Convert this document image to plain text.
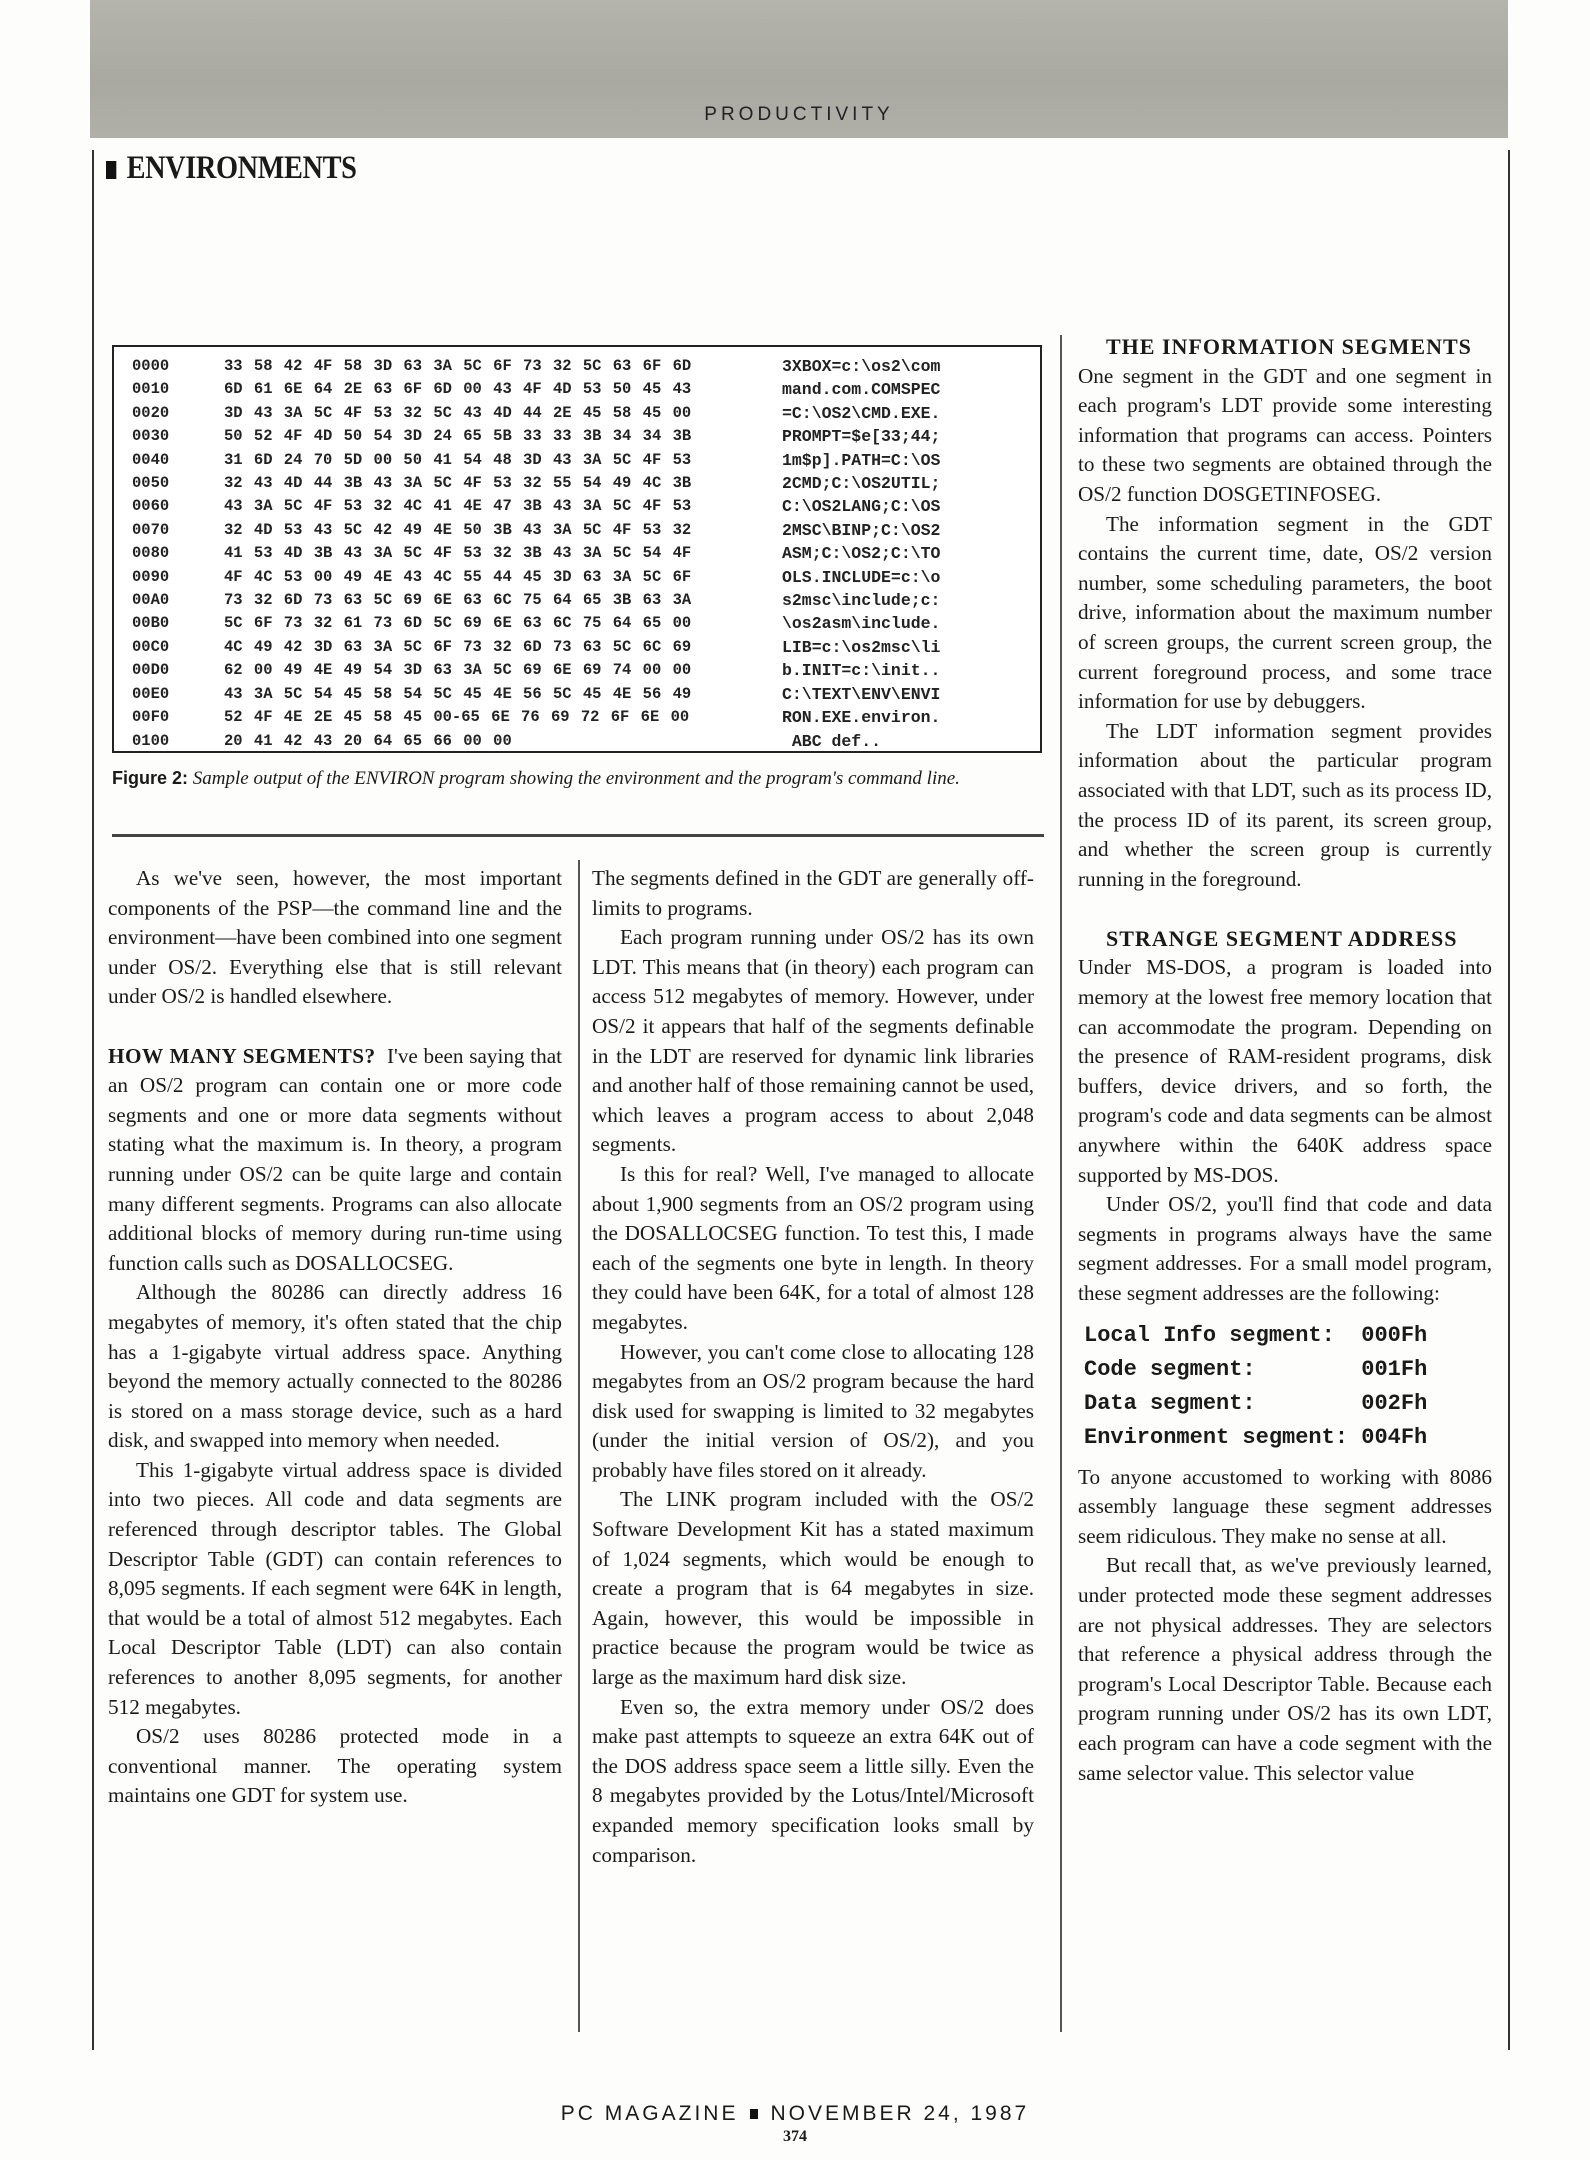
PRODUCTIVITY
ENVIRONMENTS
0000	33 58 42 4F 58 3D 63 3A 5C 6F 73 32 5C 63 6F 6D	3XBOX=c:\os2\com
0010	6D 61 6E 64 2E 63 6F 6D 00 43 4F 4D 53 50 45 43	mand.com.COMSPEC
0020	3D 43 3A 5C 4F 53 32 5C 43 4D 44 2E 45 58 45 00	=C:\OS2\CMD.EXE.
0030	50 52 4F 4D 50 54 3D 24 65 5B 33 33 3B 34 34 3B	PROMPT=$e[33;44;
0040	31 6D 24 70 5D 00 50 41 54 48 3D 43 3A 5C 4F 53	1m$p].PATH=C:\OS
0050	32 43 4D 44 3B 43 3A 5C 4F 53 32 55 54 49 4C 3B	2CMD;C:\OS2UTIL;
0060	43 3A 5C 4F 53 32 4C 41 4E 47 3B 43 3A 5C 4F 53	C:\OS2LANG;C:\OS
0070	32 4D 53 43 5C 42 49 4E 50 3B 43 3A 5C 4F 53 32	2MSC\BINP;C:\OS2
0080	41 53 4D 3B 43 3A 5C 4F 53 32 3B 43 3A 5C 54 4F	ASM;C:\OS2;C:\TO
0090	4F 4C 53 00 49 4E 43 4C 55 44 45 3D 63 3A 5C 6F	OLS.INCLUDE=c:\o
00A0	73 32 6D 73 63 5C 69 6E 63 6C 75 64 65 3B 63 3A	s2msc\include;c:
00B0	5C 6F 73 32 61 73 6D 5C 69 6E 63 6C 75 64 65 00	\os2asm\include.
00C0	4C 49 42 3D 63 3A 5C 6F 73 32 6D 73 63 5C 6C 69	LIB=c:\os2msc\li
00D0	62 00 49 4E 49 54 3D 63 3A 5C 69 6E 69 74 00 00	b.INIT=c:\init..
00E0	43 3A 5C 54 45 58 54 5C 45 4E 56 5C 45 4E 56 49	C:\TEXT\ENV\ENVI
00F0	52 4F 4E 2E 45 58 45 00-65 6E 76 69 72 6F 6E 00	RON.EXE.environ.
0100	20 41 42 43 20 64 65 66 00 00	ABC def..
Figure 2: Sample output of the ENVIRON program showing the environment and the program's command line.

As we've seen, however, the most important components of the PSP—the command line and the environment—have been combined into one segment under OS/2. Everything else that is still relevant under OS/2 is handled elsewhere.

HOW MANY SEGMENTS? I've been saying that an OS/2 program can contain one or more code segments and one or more data segments without stating what the maximum is. In theory, a program running under OS/2 can be quite large and contain many different segments. Programs can also allocate additional blocks of memory during run-time using function calls such as DOSALLOCSEG.

Although the 80286 can directly address 16 megabytes of memory, it's often stated that the chip has a 1-gigabyte virtual address space. Anything beyond the memory actually connected to the 80286 is stored on a mass storage device, such as a hard disk, and swapped into memory when needed.

This 1-gigabyte virtual address space is divided into two pieces. All code and data segments are referenced through descriptor tables. The Global Descriptor Table (GDT) can contain references to 8,095 segments. If each segment were 64K in length, that would be a total of almost 512 megabytes. Each Local Descriptor Table (LDT) can also contain references to another 8,095 segments, for another 512 megabytes.

OS/2 uses 80286 protected mode in a conventional manner. The operating system maintains one GDT for system use.

The segments defined in the GDT are generally off-limits to programs.

Each program running under OS/2 has its own LDT. This means that (in theory) each program can access 512 megabytes of memory. However, under OS/2 it appears that half of the segments definable in the LDT are reserved for dynamic link libraries and another half of those remaining cannot be used, which leaves a program access to about 2,048 segments.

Is this for real? Well, I've managed to allocate about 1,900 segments from an OS/2 program using the DOSALLOCSEG function. To test this, I made each of the segments one byte in length. In theory they could have been 64K, for a total of almost 128 megabytes.

However, you can't come close to allocating 128 megabytes from an OS/2 program because the hard disk used for swapping is limited to 32 megabytes (under the initial version of OS/2), and you probably have files stored on it already.

The LINK program included with the OS/2 Software Development Kit has a stated maximum of 1,024 segments, which would be enough to create a program that is 64 megabytes in size. Again, however, this would be impossible in practice because the program would be twice as large as the maximum hard disk size.

Even so, the extra memory under OS/2 does make past attempts to squeeze an extra 64K out of the DOS address space seem a little silly. Even the 8 megabytes provided by the Lotus/Intel/Microsoft expanded memory specification looks small by comparison.

THE INFORMATION SEGMENTS

One segment in the GDT and one segment in each program's LDT provide some interesting information that programs can access. Pointers to these two segments are obtained through the OS/2 function DOSGETINFOSEG.

The information segment in the GDT contains the current time, date, OS/2 version number, some scheduling parameters, the boot drive, information about the maximum number of screen groups, the current screen group, the current foreground process, and some trace information for use by debuggers.

The LDT information segment provides information about the particular program associated with that LDT, such as its process ID, the process ID of its parent, its screen group, and whether the screen group is currently running in the foreground.

STRANGE SEGMENT ADDRESS

Under MS-DOS, a program is loaded into memory at the lowest free memory location that can accommodate the program. Depending on the presence of RAM-resident programs, disk buffers, device drivers, and so forth, the program's code and data segments can be almost anywhere within the 640K address space supported by MS-DOS.

Under OS/2, you'll find that code and data segments in programs always have the same segment addresses. For a small model program, these segment addresses are the following:

Local Info segment: 000Fh
Code segment:	001Fh
Data segment:	002Fh
Environment segment: 004Fh

To anyone accustomed to working with 8086 assembly language these segment addresses seem ridiculous. They make no sense at all.

But recall that, as we've previously learned, under protected mode these segment addresses are not physical addresses. They are selectors that reference a physical address through the program's Local Descriptor Table. Because each program running under OS/2 has its own LDT, each program can have a code segment with the same selector value. This selector value

PC MAGAZINE NOVEMBER 24, 1987
374
